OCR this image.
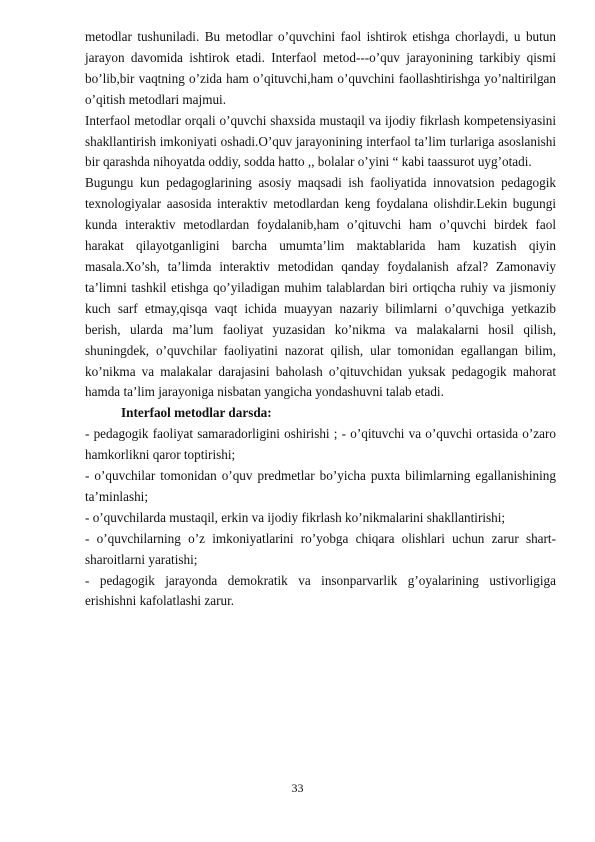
metodlar tushuniladi. Bu metodlar o’quvchini faol ishtirok etishga chorlaydi, u butun jarayon davomida ishtirok etadi. Interfaol metod--‐o’quv jarayonining tarkibiy qismi bo’lib,bir vaqtning o’zida ham o’qituvchi,ham o’quvchini faollashtirishga yo’naltirilgan o’qitish metodlari majmui.

Interfaol metodlar orqali o’quvchi shaxsida mustaqil va ijodiy fikrlash kompetensiyasini shakllantirish imkoniyati oshadi.O’quv jarayonining interfaol ta’lim turlariga asoslanishi bir qarashda nihoyatda oddiy, sodda hatto ,, bolalar o’yini “ kabi taassurot uyg’otadi.

Bugungu kun pedagoglarining asosiy maqsadi ish faoliyatida innovatsion pedagogik texnologiyalar aasosida interaktiv metodlardan keng foydalana olishdir.Lekin bugungi kunda interaktiv metodlardan foydalanib,ham o’qituvchi ham o’quvchi birdek faol harakat qilayotganligini barcha umumta’lim maktablarida ham kuzatish qiyin masala.Xo’sh, ta’limda interaktiv metodidan qanday foydalanish afzal? Zamonaviy ta’limni tashkil etishga qo’yiladigan muhim talablardan biri ortiqcha ruhiy va jismoniy kuch sarf etmay,qisqa vaqt ichida muayyan nazariy bilimlarni o’quvchiga yetkazib berish, ularda ma’lum faoliyat yuzasidan ko’nikma va malakalarni hosil qilish, shuningdek, o’quvchilar faoliyatini nazorat qilish, ular tomonidan egallangan bilim, ko’nikma va malakalar darajasini baholash o’qituvchidan yuksak pedagogik mahorat hamda ta’lim jarayoniga nisbatan yangicha yondashuvni talab etadi.

Interfaol metodlar darsda:

- pedagogik faoliyat samaradorligini oshirishi ; - o’qituvchi va o’quvchi ortasida o’zaro hamkorlikni qaror toptirishi;

- o’quvchilar tomonidan o’quv predmetlar bo’yicha puxta bilimlarning egallanishining ta’minlashi;

- o’quvchilarda mustaqil, erkin va ijodiy fikrlash ko’nikmalarini shakllantirishi;

- o’quvchilarning o’z imkoniyatlarini ro’yobga chiqara olishlari uchun zarur shart-sharoitlarni yaratishi;

- pedagogik jarayonda demokratik va insonparvarlik g’oyalarining ustivorligiga erishishni kafolatlashi zarur.

33
